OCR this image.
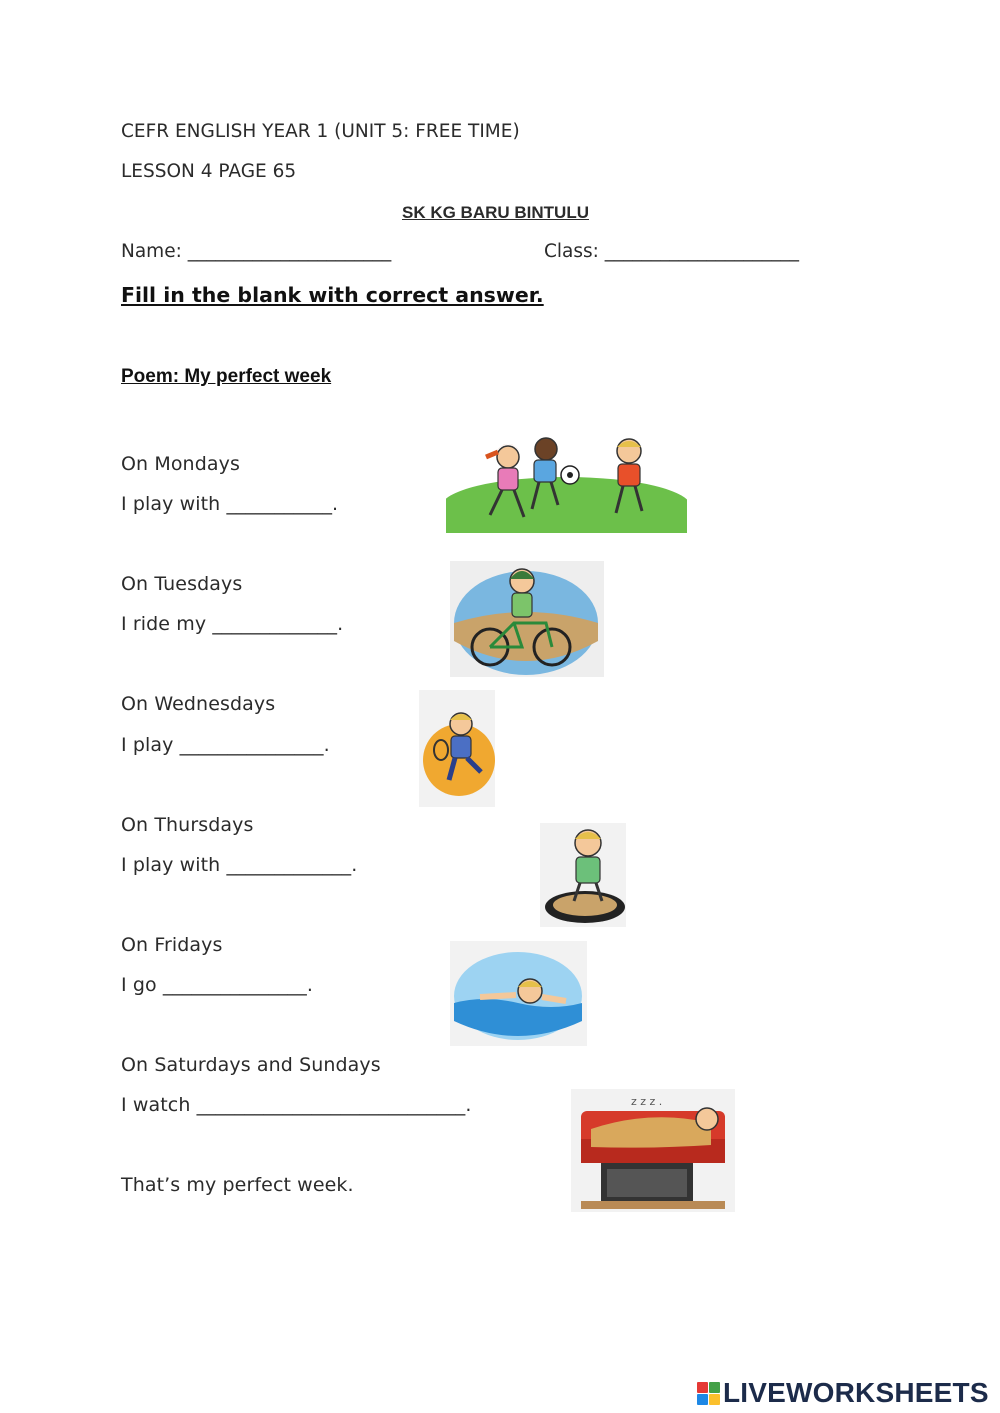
CEFR ENGLISH YEAR 1 (UNIT 5: FREE TIME)
LESSON 4 PAGE 65
SK KG BARU BINTULU
Name: ______________________	Class: _____________________
Fill in the blank with correct answer.
Poem: My perfect week
On Mondays
I play with ___________.
On Tuesdays
I ride my _____________.
On Wednesdays
I play _______________.
On Thursdays
I play with _____________.
On Fridays
I go _______________.
On Saturdays and Sundays
I watch ____________________________.	z z z .
That’s my perfect week.
LIVEWORKSHEETS
